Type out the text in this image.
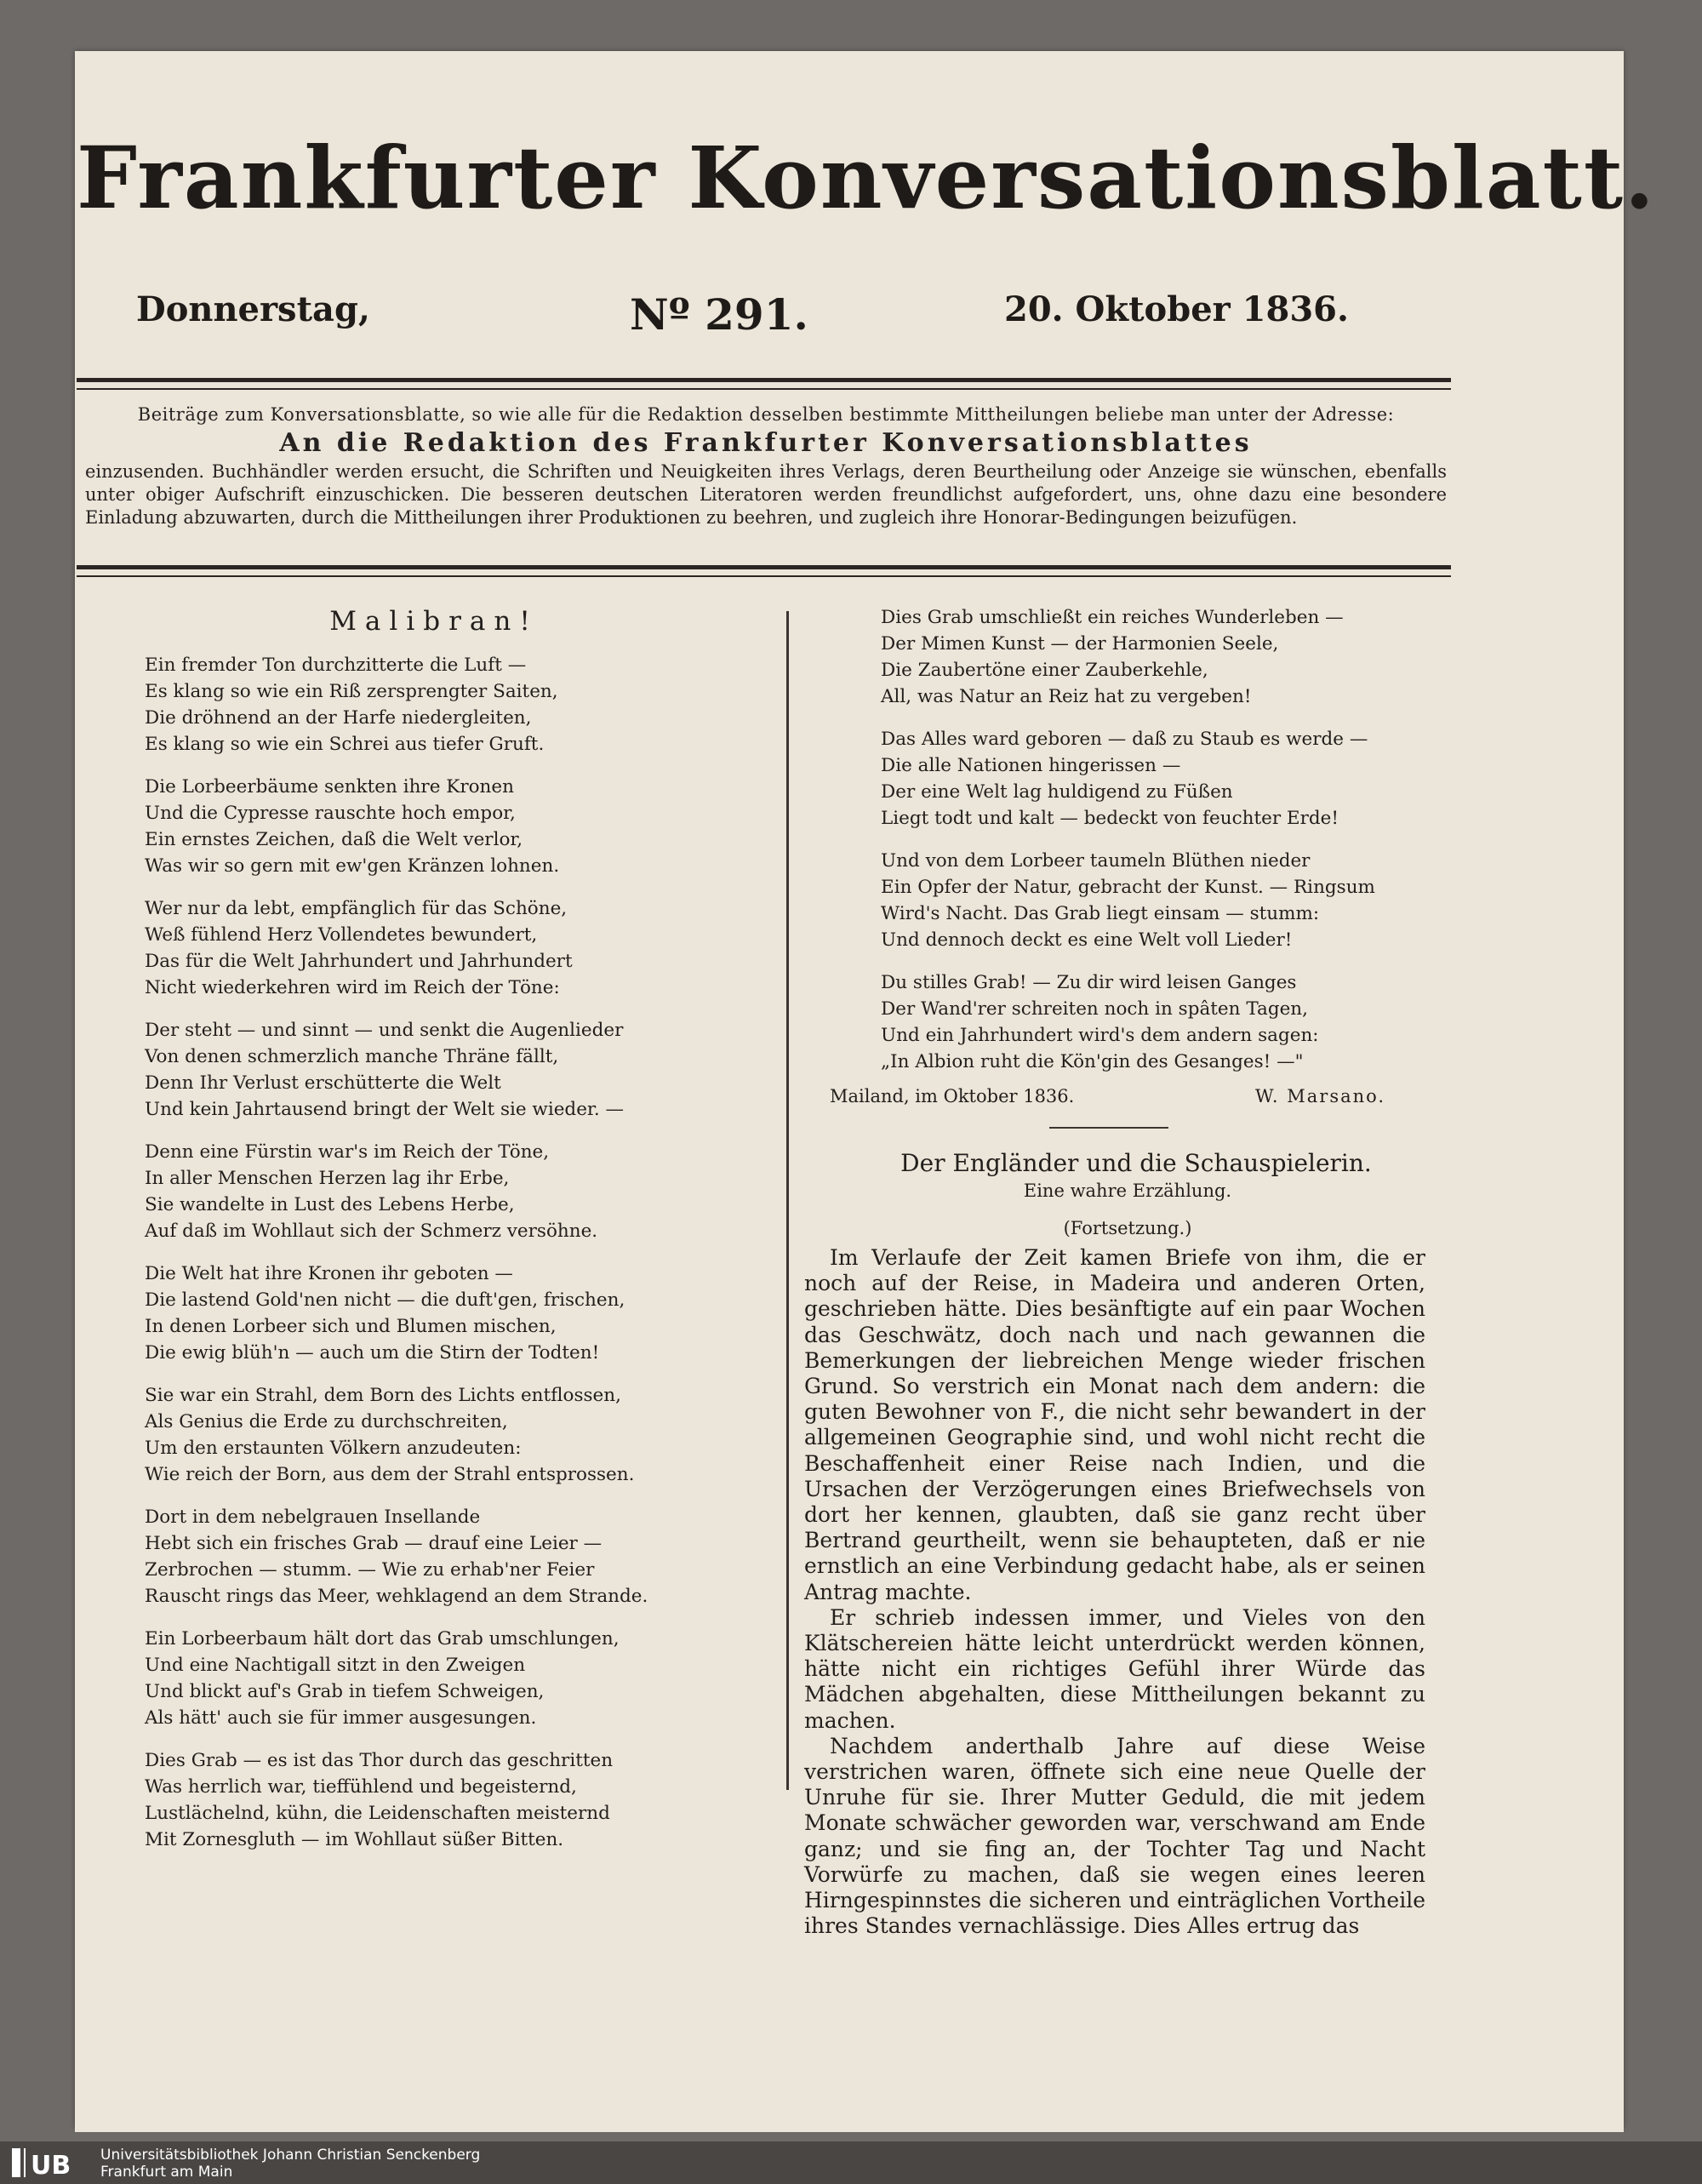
Frankfurter Konversationsblatt.
Donnerstag,	Nº 291.	20. Oktober 1836.
Beiträge zum Konversationsblatte, so wie alle für die Redaktion desselben bestimmte Mittheilungen beliebe man unter der Adresse:
An die Redaktion des Frankfurter Konversationsblattes
einzusenden. Buchhändler werden ersucht, die Schriften und Neuigkeiten ihres Verlags, deren Beurtheilung oder Anzeige sie wünschen, ebenfalls unter obiger Aufschrift einzuschicken. Die besseren deutschen Literatoren werden freundlichst aufgefordert, uns, ohne dazu eine besondere Einladung abzuwarten, durch die Mittheilungen ihrer Produktionen zu beehren, und zugleich ihre Honorar-Bedingungen beizufügen.
Malibran!
Ein fremder Ton durchzitterte die Luft —
Es klang so wie ein Riß zersprengter Saiten,
Die dröhnend an der Harfe niedergleiten,
Es klang so wie ein Schrei aus tiefer Gruft.
Die Lorbeerbäume senkten ihre Kronen
Und die Cypresse rauschte hoch empor,
Ein ernstes Zeichen, daß die Welt verlor,
Was wir so gern mit ew'gen Kränzen lohnen.
Wer nur da lebt, empfänglich für das Schöne,
Weß fühlend Herz Vollendetes bewundert,
Das für die Welt Jahrhundert und Jahrhundert
Nicht wiederkehren wird im Reich der Töne:
Der steht — und sinnt — und senkt die Augenlieder
Von denen schmerzlich manche Thräne fällt,
Denn Ihr Verlust erschütterte die Welt
Und kein Jahrtausend bringt der Welt sie wieder. —
Denn eine Fürstin war's im Reich der Töne,
In aller Menschen Herzen lag ihr Erbe,
Sie wandelte in Lust des Lebens Herbe,
Auf daß im Wohllaut sich der Schmerz versöhne.
Die Welt hat ihre Kronen ihr geboten —
Die lastend Gold'nen nicht — die duft'gen, frischen,
In denen Lorbeer sich und Blumen mischen,
Die ewig blüh'n — auch um die Stirn der Todten!
Sie war ein Strahl, dem Born des Lichts entflossen,
Als Genius die Erde zu durchschreiten,
Um den erstaunten Völkern anzudeuten:
Wie reich der Born, aus dem der Strahl entsprossen.
Dort in dem nebelgrauen Insellande
Hebt sich ein frisches Grab — drauf eine Leier —
Zerbrochen — stumm. — Wie zu erhab'ner Feier
Rauscht rings das Meer, wehklagend an dem Strande.
Ein Lorbeerbaum hält dort das Grab umschlungen,
Und eine Nachtigall sitzt in den Zweigen
Und blickt auf's Grab in tiefem Schweigen,
Als hätt' auch sie für immer ausgesungen.
Dies Grab — es ist das Thor durch das geschritten
Was herrlich war, tieffühlend und begeisternd,
Lustlächelnd, kühn, die Leidenschaften meisternd
Mit Zornesgluth — im Wohllaut süßer Bitten.
Dies Grab umschließt ein reiches Wunderleben —
Der Mimen Kunst — der Harmonien Seele,
Die Zaubertöne einer Zauberkehle,
All, was Natur an Reiz hat zu vergeben!
Das Alles ward geboren — daß zu Staub es werde —
Die alle Nationen hingerissen —
Der eine Welt lag huldigend zu Füßen
Liegt todt und kalt — bedeckt von feuchter Erde!
Und von dem Lorbeer taumeln Blüthen nieder
Ein Opfer der Natur, gebracht der Kunst. — Ringsum
Wird's Nacht. Das Grab liegt einsam — stumm:
Und dennoch deckt es eine Welt voll Lieder!
Du stilles Grab! — Zu dir wird leisen Ganges
Der Wand'rer schreiten noch in spâten Tagen,
Und ein Jahrhundert wird's dem andern sagen:
„In Albion ruht die Kön'gin des Gesanges! —"
Mailand, im Oktober 1836.	W. Marsano.
Der Engländer und die Schauspielerin.
Eine wahre Erzählung.
(Fortsetzung.)

Im Verlaufe der Zeit kamen Briefe von ihm, die er noch auf der Reise, in Madeira und anderen Orten, geschrieben hätte. Dies besänftigte auf ein paar Wochen das Geschwätz, doch nach und nach gewannen die Bemerkungen der liebreichen Menge wieder frischen Grund. So verstrich ein Monat nach dem andern: die guten Bewohner von F., die nicht sehr bewandert in der allgemeinen Geographie sind, und wohl nicht recht die Beschaffenheit einer Reise nach Indien, und die Ursachen der Verzögerungen eines Briefwechsels von dort her kennen, glaubten, daß sie ganz recht über Bertrand geurtheilt, wenn sie behaupteten, daß er nie ernstlich an eine Verbindung gedacht habe, als er seinen Antrag machte.

Er schrieb indessen immer, und Vieles von den Klätschereien hätte leicht unterdrückt werden können, hätte nicht ein richtiges Gefühl ihrer Würde das Mädchen abgehalten, diese Mittheilungen bekannt zu machen.

Nachdem anderthalb Jahre auf diese Weise verstrichen waren, öffnete sich eine neue Quelle der Unruhe für sie. Ihrer Mutter Geduld, die mit jedem Monate schwächer geworden war, verschwand am Ende ganz; und sie fing an, der Tochter Tag und Nacht Vorwürfe zu machen, daß sie wegen eines leeren Hirngespinnstes die sicheren und einträglichen Vortheile ihres Standes vernachlässige. Dies Alles ertrug das

UB Universitätsbibliothek Johann Christian Senckenberg
Frankfurt am Main
